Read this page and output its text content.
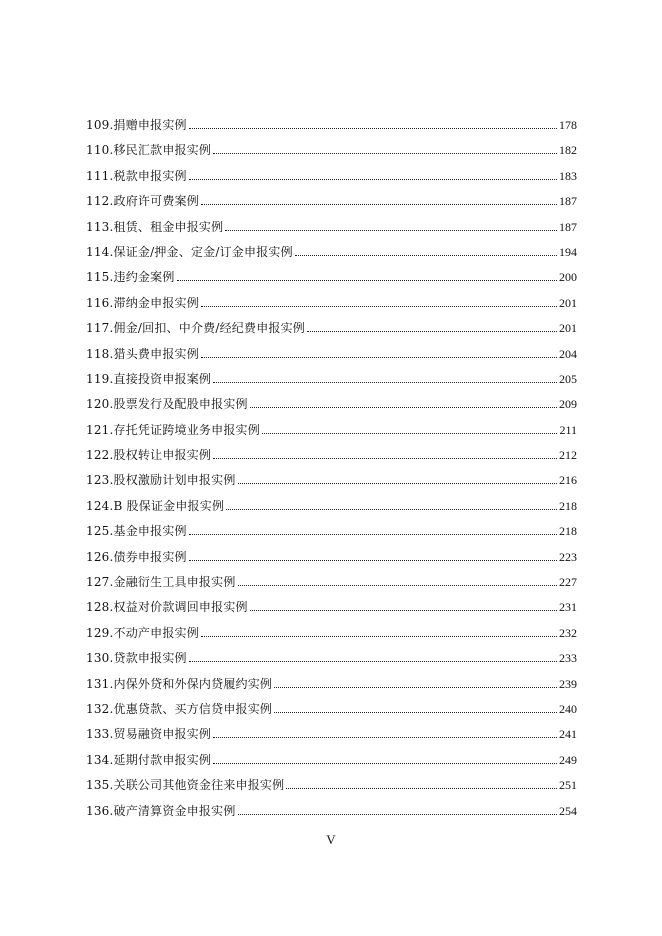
109.捐赠申报实例	178
110.移民汇款申报实例	182
111.税款申报实例	183
112.政府许可费案例	187
113.租赁、租金申报实例	187
114.保证金/押金、定金/订金申报实例	194
115.违约金案例	200
116.滞纳金申报实例	201
117.佣金/回扣、中介费/经纪费申报实例	201
118.猎头费申报实例	204
119.直接投资申报案例	205
120.股票发行及配股申报实例	209
121.存托凭证跨境业务申报实例	211
122.股权转让申报实例	212
123.股权激励计划申报实例	216
124.B 股保证金申报实例	218
125.基金申报实例	218
126.债券申报实例	223
127.金融衍生工具申报实例	227
128.权益对价款调回申报实例	231
129.不动产申报实例	232
130.贷款申报实例	233
131.内保外贷和外保内贷履约实例	239
132.优惠贷款、买方信贷申报实例	240
133.贸易融资申报实例	241
134.延期付款申报实例	249
135.关联公司其他资金往来申报实例	251
136.破产清算资金申报实例	254
V
